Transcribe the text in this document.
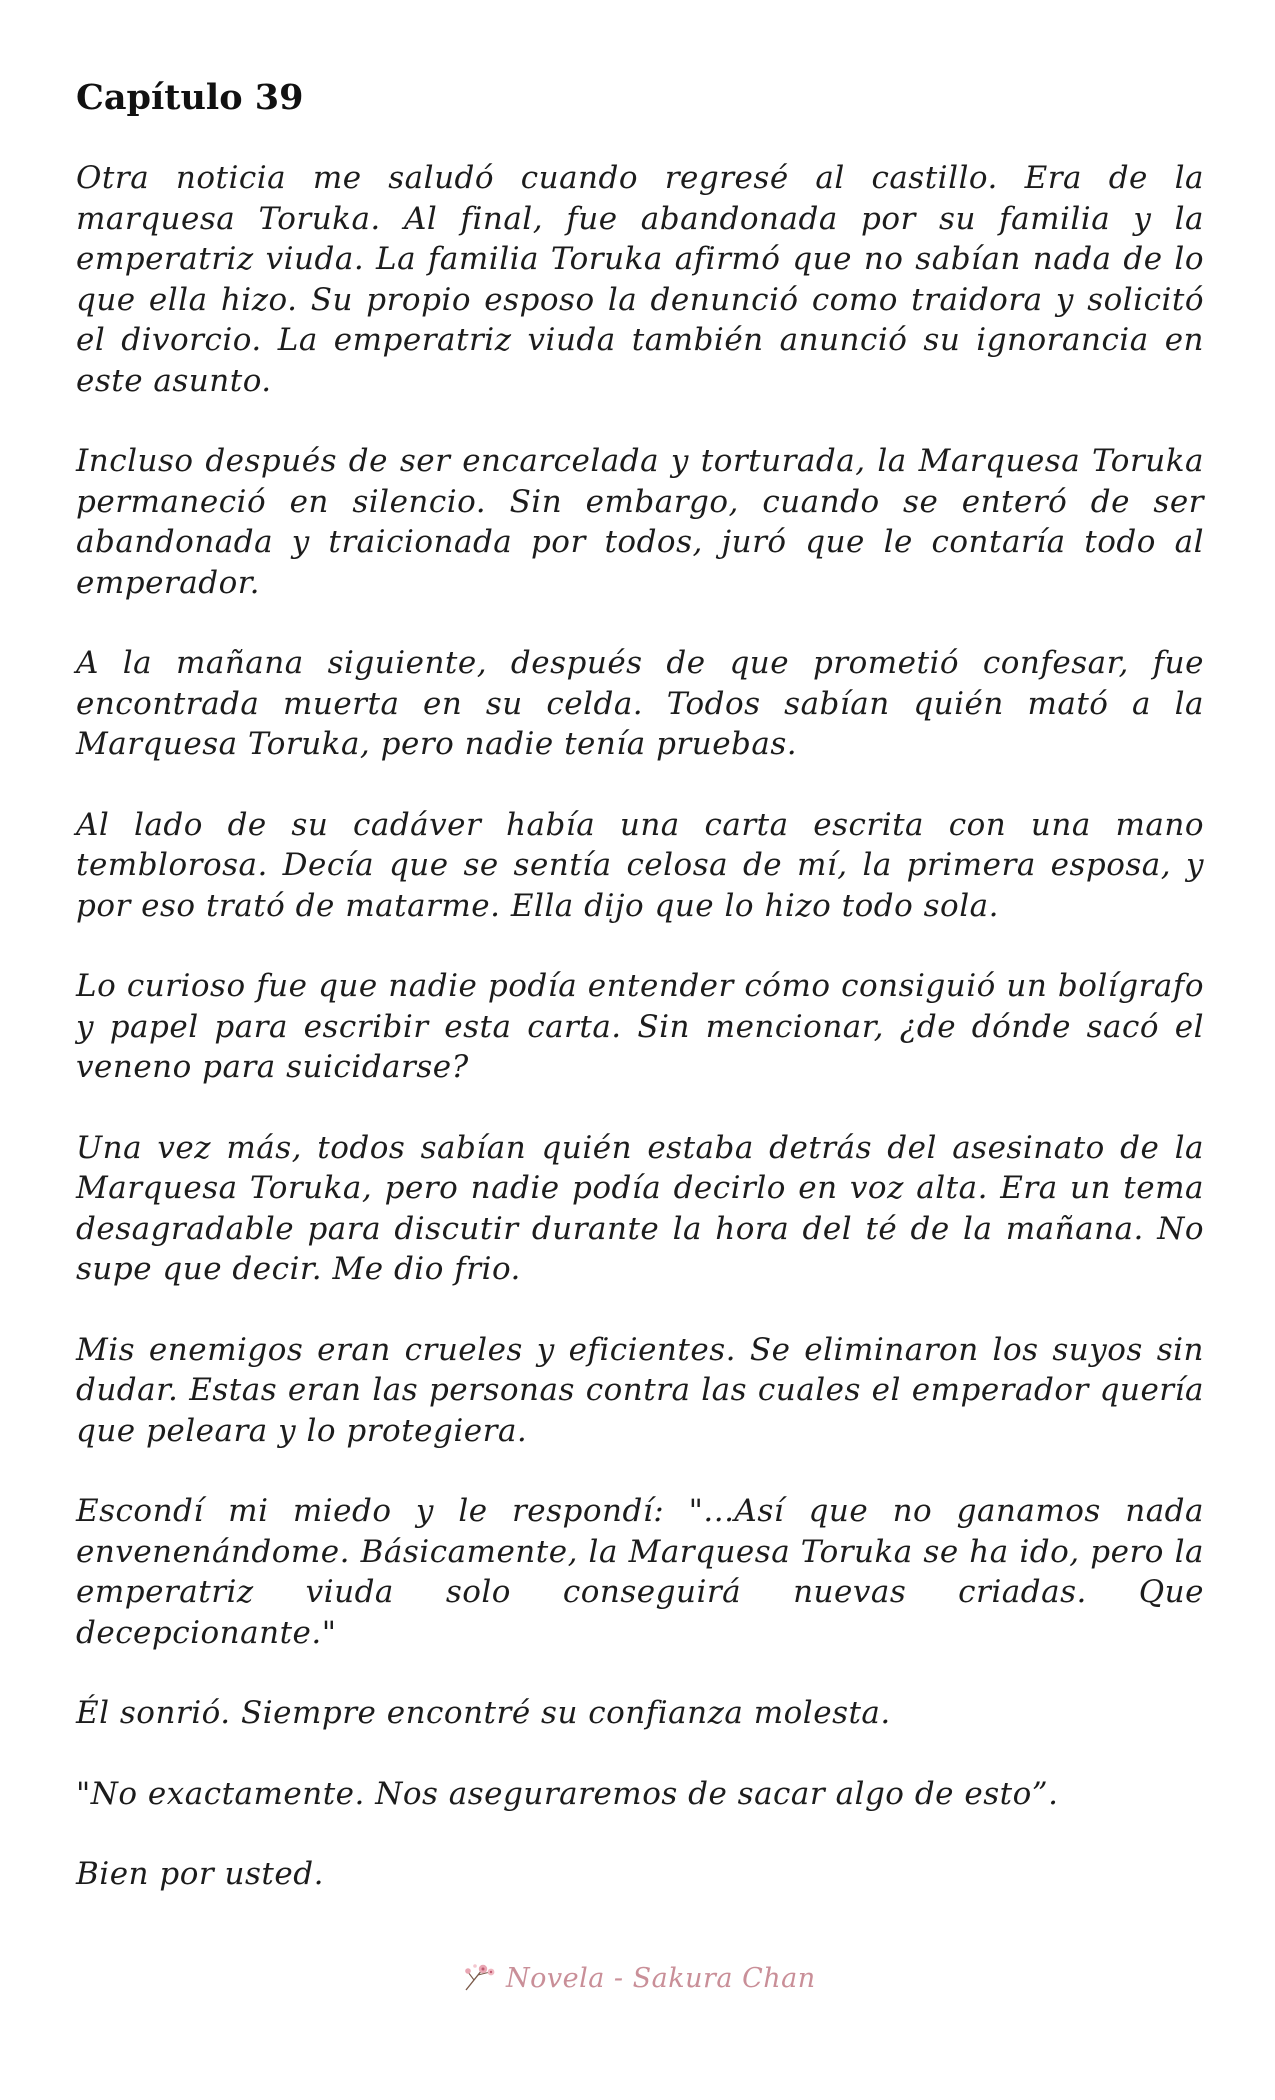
Capítulo 39

Otra noticia me saludó cuando regresé al castillo. Era de la marquesa Toruka. Al final, fue abandonada por su familia y la emperatriz viuda. La familia Toruka afirmó que no sabían nada de lo que ella hizo. Su propio esposo la denunció como traidora y solicitó el divorcio. La emperatriz viuda también anunció su ignorancia en este asunto.

Incluso después de ser encarcelada y torturada, la Marquesa Toruka permaneció en silencio. Sin embargo, cuando se enteró de ser abandonada y traicionada por todos, juró que le contaría todo al emperador.

A la mañana siguiente, después de que prometió confesar, fue encontrada muerta en su celda. Todos sabían quién mató a la Marquesa Toruka, pero nadie tenía pruebas.

Al lado de su cadáver había una carta escrita con una mano temblorosa. Decía que se sentía celosa de mí, la primera esposa, y por eso trató de matarme. Ella dijo que lo hizo todo sola.

Lo curioso fue que nadie podía entender cómo consiguió un bolígrafo y papel para escribir esta carta. Sin mencionar, ¿de dónde sacó el veneno para suicidarse?

Una vez más, todos sabían quién estaba detrás del asesinato de la Marquesa Toruka, pero nadie podía decirlo en voz alta. Era un tema desagradable para discutir durante la hora del té de la mañana. No supe que decir. Me dio frio.

Mis enemigos eran crueles y eficientes. Se eliminaron los suyos sin dudar. Estas eran las personas contra las cuales el emperador quería que peleara y lo protegiera.

Escondí mi miedo y le respondí: "...Así que no ganamos nada envenenándome. Básicamente, la Marquesa Toruka se ha ido, pero la emperatriz viuda solo conseguirá nuevas criadas. Que decepcionante."

Él sonrió. Siempre encontré su confianza molesta.

"No exactamente. Nos aseguraremos de sacar algo de esto”.

Bien por usted.

Novela - Sakura Chan
